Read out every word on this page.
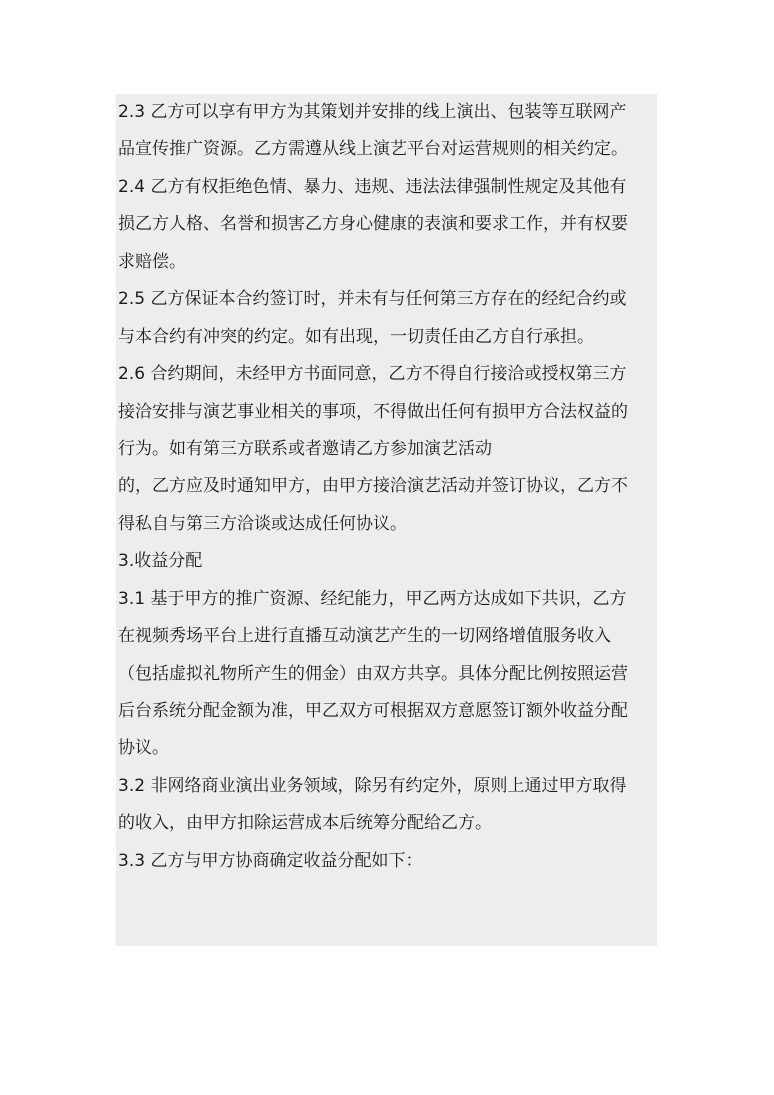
2.3 乙方可以享有甲方为其策划并安排的线上演出、包装等互联网产
品宣传推广资源。乙方需遵从线上演艺平台对运营规则的相关约定。
2.4 乙方有权拒绝色情、暴力、违规、违法法律强制性规定及其他有
损乙方人格、名誉和损害乙方身心健康的表演和要求工作，并有权要
求赔偿。
2.5 乙方保证本合约签订时，并未有与任何第三方存在的经纪合约或
与本合约有冲突的约定。如有出现，一切责任由乙方自行承担。
2.6 合约期间，未经甲方书面同意，乙方不得自行接洽或授权第三方
接洽安排与演艺事业相关的事项，不得做出任何有损甲方合法权益的
行为。如有第三方联系或者邀请乙方参加演艺活动
的，乙方应及时通知甲方，由甲方接洽演艺活动并签订协议，乙方不
得私自与第三方洽谈或达成任何协议。
3.收益分配
3.1 基于甲方的推广资源、经纪能力，甲乙两方达成如下共识，乙方
在视频秀场平台上进行直播互动演艺产生的一切网络增值服务收入
（包括虚拟礼物所产生的佣金）由双方共享。具体分配比例按照运营
后台系统分配金额为准，甲乙双方可根据双方意愿签订额外收益分配
协议。
3.2 非网络商业演出业务领域，除另有约定外，原则上通过甲方取得
的收入，由甲方扣除运营成本后统筹分配给乙方。
3.3 乙方与甲方协商确定收益分配如下：
